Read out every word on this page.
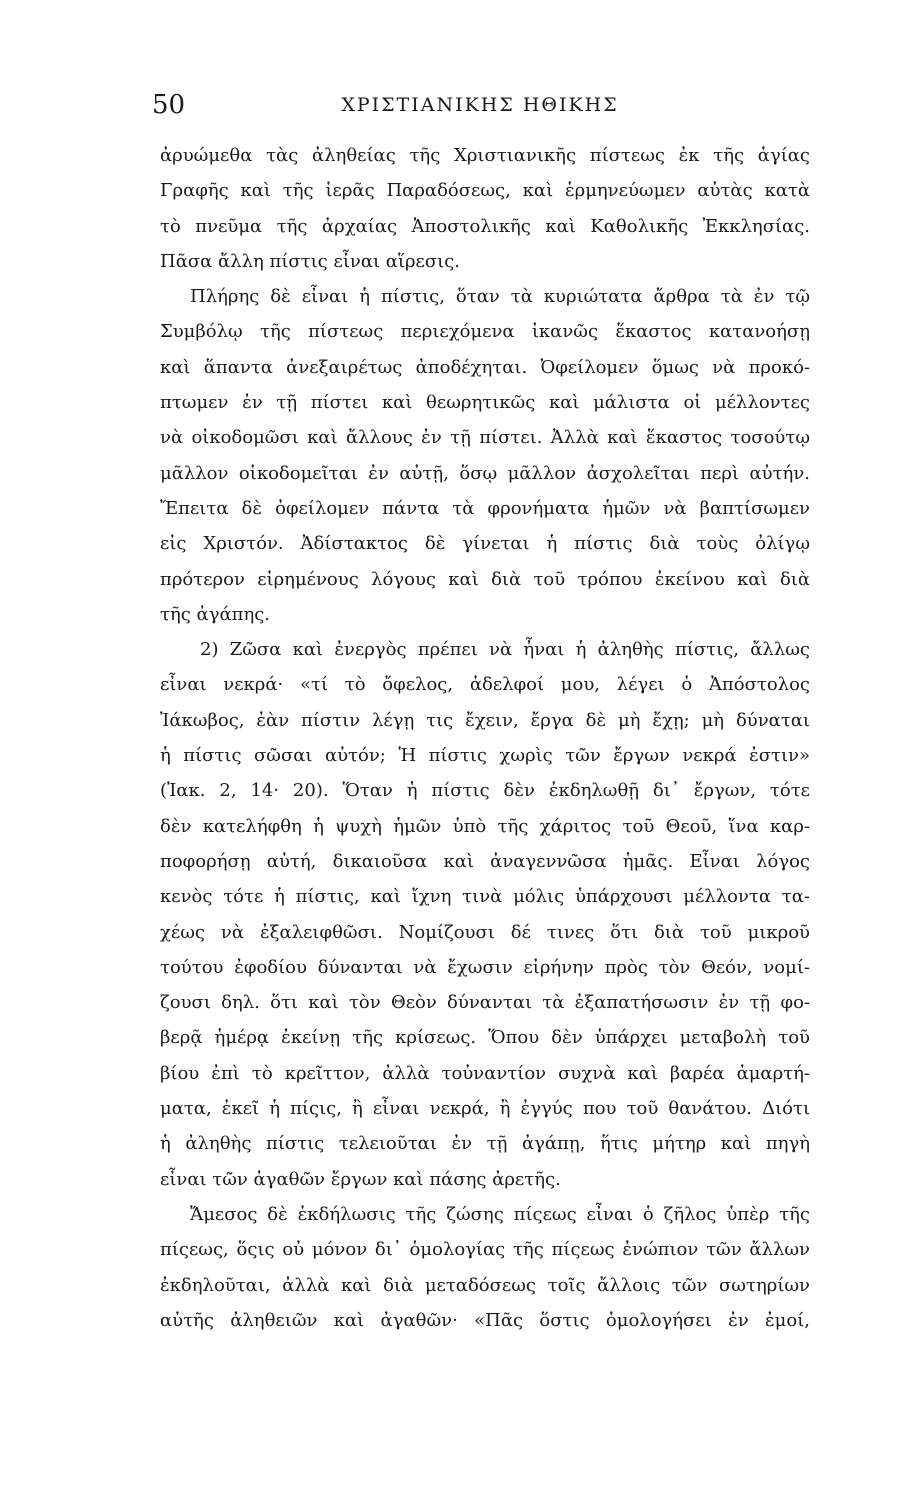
50	ΧΡΙΣΤΙΑΝΙΚΗΣ ΗΘΙΚΗΣ
ἀρυώμεθα τὰς ἀληθείας τῆς Χριστιανικῆς πίστεως ἐκ τῆς ἁγίας
Γραφῆς καὶ τῆς ἱερᾶς Παραδόσεως, καὶ ἑρμηνεύωμεν αὐτὰς κατὰ
τὸ πνεῦμα τῆς ἀρχαίας Ἀποστολικῆς καὶ Καθολικῆς Ἐκκλησίας.
Πᾶσα ἄλλη πίστις εἶναι αἵρεσις.
Πλήρης δὲ εἶναι ἡ πίστις, ὅταν τὰ κυριώτατα ἄρθρα τὰ ἐν τῷ
Συμβόλῳ τῆς πίστεως περιεχόμενα ἱκανῶς ἕκαστος κατανοήσῃ
καὶ ἅπαντα ἀνεξαιρέτως ἀποδέχηται. Ὀφείλομεν ὅμως νὰ προκό-
πτωμεν ἐν τῇ πίστει καὶ θεωρητικῶς καὶ μάλιστα οἱ μέλλοντες
νὰ οἰκοδομῶσι καὶ ἄλλους ἐν τῇ πίστει. Ἀλλὰ καὶ ἕκαστος τοσούτῳ
μᾶλλον οἰκοδομεῖται ἐν αὐτῇ, ὅσῳ μᾶλλον ἀσχολεῖται περὶ αὐτήν.
Ἔπειτα δὲ ὀφείλομεν πάντα τὰ φρονήματα ἡμῶν νὰ βαπτίσωμεν
εἰς Χριστόν. Ἀδίστακτος δὲ γίνεται ἡ πίστις διὰ τοὺς ὀλίγῳ
πρότερον εἰρημένους λόγους καὶ διὰ τοῦ τρόπου ἐκείνου καὶ διὰ
τῆς ἀγάπης.
2) Ζῶσα καὶ ἐνεργὸς πρέπει νὰ ἦναι ἡ ἀληθὴς πίστις, ἄλλως
εἶναι νεκρά· «τί τὸ ὄφελος, ἀδελφοί μου, λέγει ὁ Ἀπόστολος
Ἰάκωβος, ἐὰν πίστιν λέγῃ τις ἔχειν, ἔργα δὲ μὴ ἔχῃ; μὴ δύναται
ἡ πίστις σῶσαι αὐτόν; Ἡ πίστις χωρὶς τῶν ἔργων νεκρά ἐστιν»
(Ἰακ. 2, 14· 20). Ὅταν ἡ πίστις δὲν ἐκδηλωθῇ δι᾽ ἔργων, τότε
δὲν κατελήφθη ἡ ψυχὴ ἡμῶν ὑπὸ τῆς χάριτος τοῦ Θεοῦ, ἵνα καρ-
ποφορήσῃ αὐτή, δικαιοῦσα καὶ ἀναγεννῶσα ἡμᾶς. Εἶναι λόγος
κενὸς τότε ἡ πίστις, καὶ ἴχνη τινὰ μόλις ὑπάρχουσι μέλλοντα τα-
χέως νὰ ἐξαλειφθῶσι. Νομίζουσι δέ τινες ὅτι διὰ τοῦ μικροῦ
τούτου ἐφοδίου δύνανται νὰ ἔχωσιν εἰρήνην πρὸς τὸν Θεόν, νομί-
ζουσι δηλ. ὅτι καὶ τὸν Θεὸν δύνανται τὰ ἐξαπατήσωσιν ἐν τῇ φο-
βερᾷ ἡμέρᾳ ἐκείνῃ τῆς κρίσεως. Ὅπου δὲν ὑπάρχει μεταβολὴ τοῦ
βίου ἐπὶ τὸ κρεῖττον, ἀλλὰ τοὐναντίον συχνὰ καὶ βαρέα ἁμαρτή-
ματα, ἐκεῖ ἡ πίςις, ἢ εἶναι νεκρά, ἢ ἐγγύς που τοῦ θανάτου. Διότι
ἡ ἀληθὴς πίστις τελειοῦται ἐν τῇ ἀγάπῃ, ἥτις μήτηρ καὶ πηγὴ
εἶναι τῶν ἀγαθῶν ἔργων καὶ πάσης ἀρετῆς.
Ἄμεσος δὲ ἐκδήλωσις τῆς ζώσης πίςεως εἶναι ὁ ζῆλος ὑπὲρ τῆς
πίςεως, ὅςις οὐ μόνον δι᾽ ὁμολογίας τῆς πίςεως ἐνώπιον τῶν ἄλλων
ἐκδηλοῦται, ἀλλὰ καὶ διὰ μεταδόσεως τοῖς ἄλλοις τῶν σωτηρίων
αὐτῆς ἀληθειῶν καὶ ἀγαθῶν· «Πᾶς ὅστις ὁμολογήσει ἐν ἐμοί,
